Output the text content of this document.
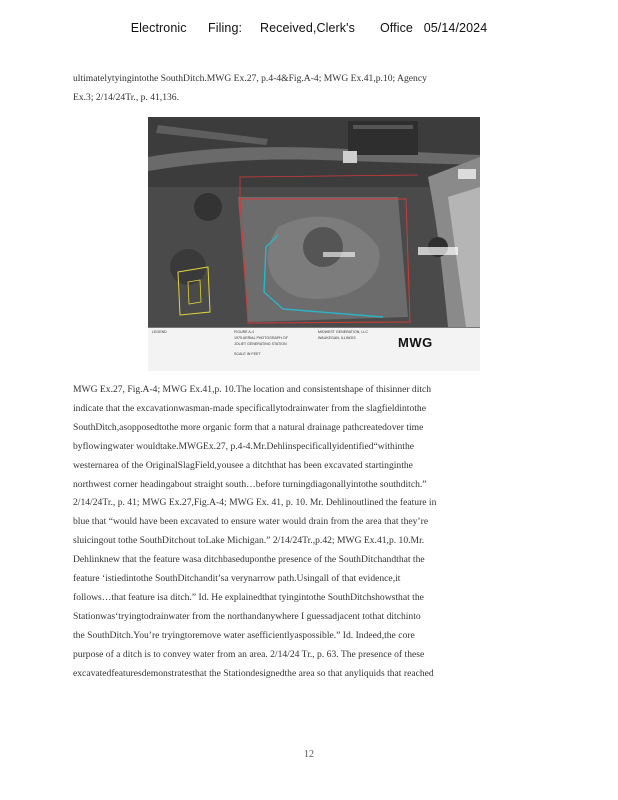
Electronic      Filing:     Received,Clerk's       Office   05/14/2024
ultimatelytyingintothe SouthDitch.MWG Ex.27, p.4-4&Fig.A-4; MWG Ex.41,p.10; Agency
Ex.3; 2/14/24Tr., p. 41,136.
LEGEND	FIGURE A-4
1975 AERIAL PHOTOGRAPH OF
JOLIET GENERATING STATION
SCALE IN FEET
MIDWEST GENERATION, LLC
WAUKEGAN, ILLINOIS	MWG
MWG Ex.27, Fig.A-4; MWG Ex.41,p. 10.The location and consistentshape of thisinner ditch
indicate that the excavationwasman-made specificallytodrainwater from the slagfieldintothe
SouthDitch,asopposedtothe more organic form that a natural drainage pathcreatedover time
byflowingwater wouldtake.MWGEx.27, p.4-4.Mr.Dehlinspecificallyidentified“withinthe
westernarea of the OriginalSlagField,yousee a ditchthat has been excavated startinginthe
northwest corner headingabout straight south…before turningdiagonallyintothe southditch.”
2/14/24Tr., p. 41; MWG Ex.27,Fig.A-4; MWG Ex. 41, p. 10. Mr. Dehlinoutlined the feature in
blue that “would have been excavated to ensure water would drain from the area that they’re
sluicingout tothe SouthDitchout toLake Michigan.” 2/14/24Tr.,p.42; MWG Ex.41,p. 10.Mr.
Dehlinknew that the feature wasa ditchbaseduponthe presence of the SouthDitchandthat the
feature ‘istiedintothe SouthDitchandit’sa verynarrow path.Usingall of that evidence,it
follows…that feature isa ditch.” Id. He explainedthat tyingintothe SouthDitchshowsthat the
Stationwas‘tryingtodrainwater from the northandanywhere I guessadjacent tothat ditchinto
the SouthDitch.You’re tryingtoremove water asefficientlyaspossible.” Id. Indeed,the core
purpose of a ditch is to convey water from an area. 2/14/24 Tr., p. 63. The presence of these
excavatedfeaturesdemonstratesthat the Stationdesignedthe area so that anyliquids that reached
12
